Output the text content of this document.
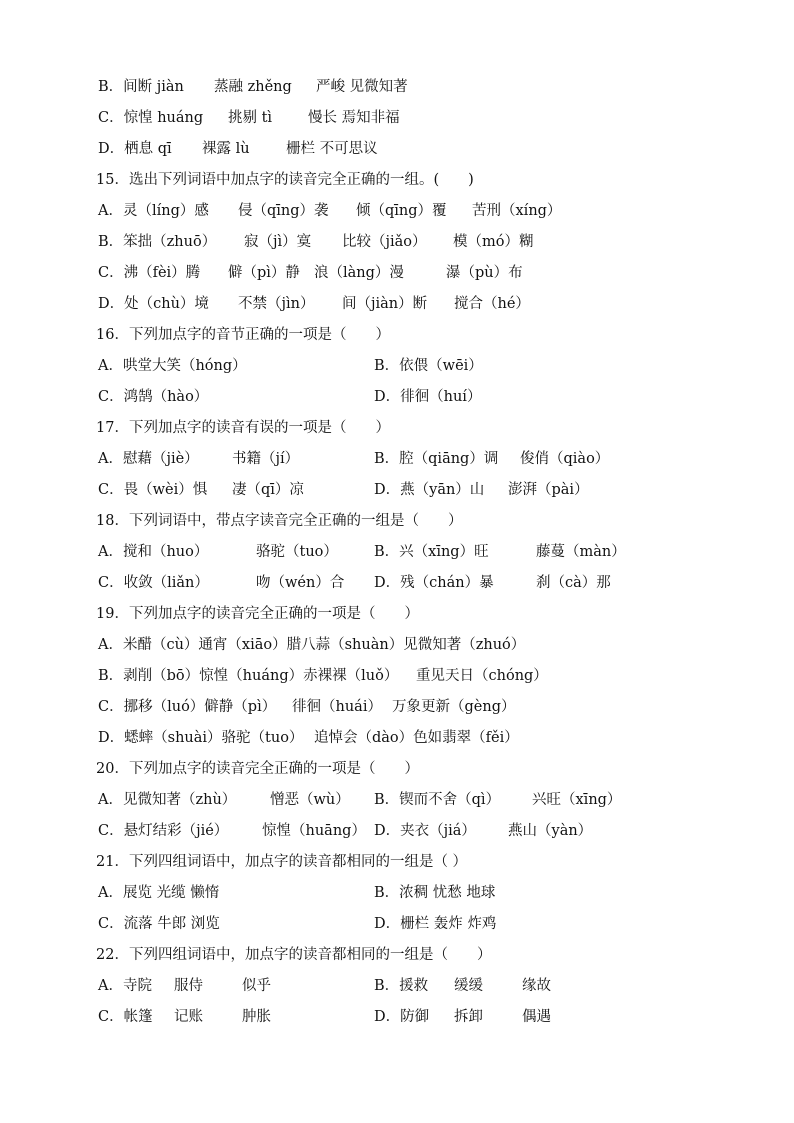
B．间断 jiàn 蒸融 zhěng 严峻 见微知著
C．惊惶 huáng 挑剔 tì 慢长 焉知非福
D．栖息 qī 裸露 lù	栅栏 不可思议
15．选出下列词语中加点字的读音完全正确的一组。(　　)
A．灵（líng）感 侵（qīng）袭 倾（qīng）覆 苦刑（xíng）
B．笨拙（zhuō） 寂（jì）寞 比较（jiǎo） 模（mó）糊
C．沸（fèi）腾 僻（pì）静 浪（làng）漫	瀑（pù）布
D．处（chù）境 不禁（jìn） 间（jiàn）断 搅合（hé）
16．下列加点字的音节正确的一项是（　　）
A．哄堂大笑（hóng）	B．依偎（wēi）
C．鸿鹄（hào）	D．徘徊（huí）
17．下列加点字的读音有误的一项是（　　）
A．慰藉（jiè） 书籍（jí）	B．腔（qiāng）调 俊俏（qiào）
C．畏（wèi）惧 凄（qī）凉	D．燕（yān）山 澎湃（pài）
18．下列词语中，带点字读音完全正确的一组是（　　）
A．搅和（huo）	骆驼（tuo） B．兴（xīng）旺	藤蔓（màn）
C．收敛（liǎn）	吻（wén）合 D．残（chán）暴	刹（cà）那
19．下列加点字的读音完全正确的一项是（　　）
A．米醋（cù）通宵（xiāo）腊八蒜（shuàn）见微知著（zhuó）
B．剥削（bō）惊惶（huáng）赤裸裸（luǒ） 重见天日（chóng）
C．挪移（luó）僻静（pì） 徘徊（huái） 万象更新（gèng）
D．蟋蟀（shuài）骆驼（tuo） 追悼会（dào）色如翡翠（fěi）
20．下列加点字的读音完全正确的一项是（　　）
A．见微知著（zhù） 憎恶（wù） B．锲而不舍（qì） 兴旺（xīng）
C．悬灯结彩（jié） 惊惶（huāng） D．夹衣（jiá） 燕山（yàn）
21．下列四组词语中，加点字的读音都相同的一组是（ ）
A．展览 光缆 懒惰	B．浓稠 忧愁 地球
C．流落 牛郎 浏览	D．栅栏 轰炸 炸鸡
22．下列四组词语中，加点字的读音都相同的一组是（　　）
A．寺院 服侍	似乎	B．援救 缓缓	缘故
C．帐篷 记账	肿胀	D．防御 拆卸	偶遇
